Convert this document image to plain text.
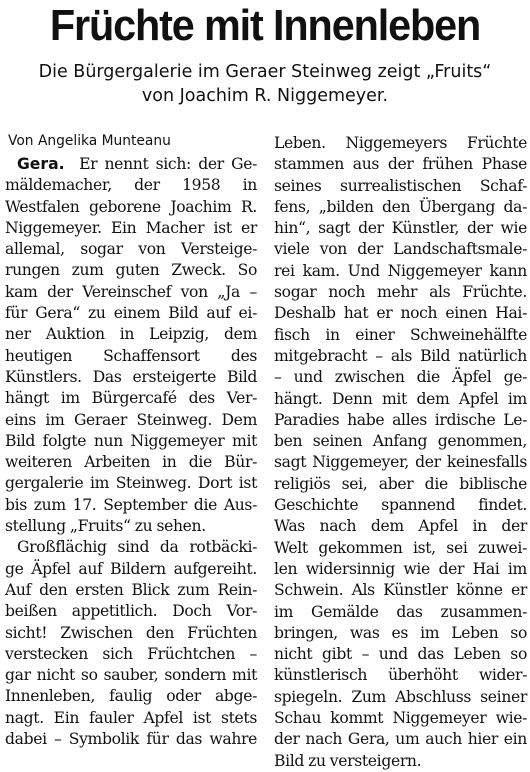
Früchte mit Innenleben
Die Bürgergalerie im Geraer Steinweg zeigt „Fruits“
von Joachim R. Niggemeyer.
Von Angelika Munteanu
Gera. Er nennt sich: der Ge-
mäldemacher, der 1958 in
Westfalen geborene Joachim R.
Niggemeyer. Ein Macher ist er
allemal, sogar von Versteige-
rungen zum guten Zweck. So
kam der Vereinschef von „Ja –
für Gera“ zu einem Bild auf ei-
ner Auktion in Leipzig, dem
heutigen Schaffensort des
Künstlers. Das ersteigerte Bild
hängt im Bürgercafé des Ver-
eins im Geraer Steinweg. Dem
Bild folgte nun Niggemeyer mit
weiteren Arbeiten in die Bür-
gergalerie im Steinweg. Dort ist
bis zum 17. September die Aus-
stellung „Fruits“ zu sehen.
Großflächig sind da rotbäcki-
ge Äpfel auf Bildern aufgereiht.
Auf den ersten Blick zum Rein-
beißen appetitlich. Doch Vor-
sicht! Zwischen den Früchten
verstecken sich Früchtchen –
gar nicht so sauber, sondern mit
Innenleben, faulig oder abge-
nagt. Ein fauler Apfel ist stets
dabei – Symbolik für das wahre
Leben. Niggemeyers Früchte
stammen aus der frühen Phase
seines surrealistischen Schaf-
fens, „bilden den Übergang da-
hin“, sagt der Künstler, der wie
viele von der Landschaftsmale-
rei kam. Und Niggemeyer kann
sogar noch mehr als Früchte.
Deshalb hat er noch einen Hai-
fisch in einer Schweinehälfte
mitgebracht – als Bild natürlich
– und zwischen die Äpfel ge-
hängt. Denn mit dem Apfel im
Paradies habe alles irdische Le-
ben seinen Anfang genommen,
sagt Niggemeyer, der keinesfalls
religiös sei, aber die biblische
Geschichte spannend findet.
Was nach dem Apfel in der
Welt gekommen ist, sei zuwei-
len widersinnig wie der Hai im
Schwein. Als Künstler könne er
im Gemälde das zusammen-
bringen, was es im Leben so
nicht gibt – und das Leben so
künstlerisch überhöht wider-
spiegeln. Zum Abschluss seiner
Schau kommt Niggemeyer wie-
der nach Gera, um auch hier ein
Bild zu versteigern.
